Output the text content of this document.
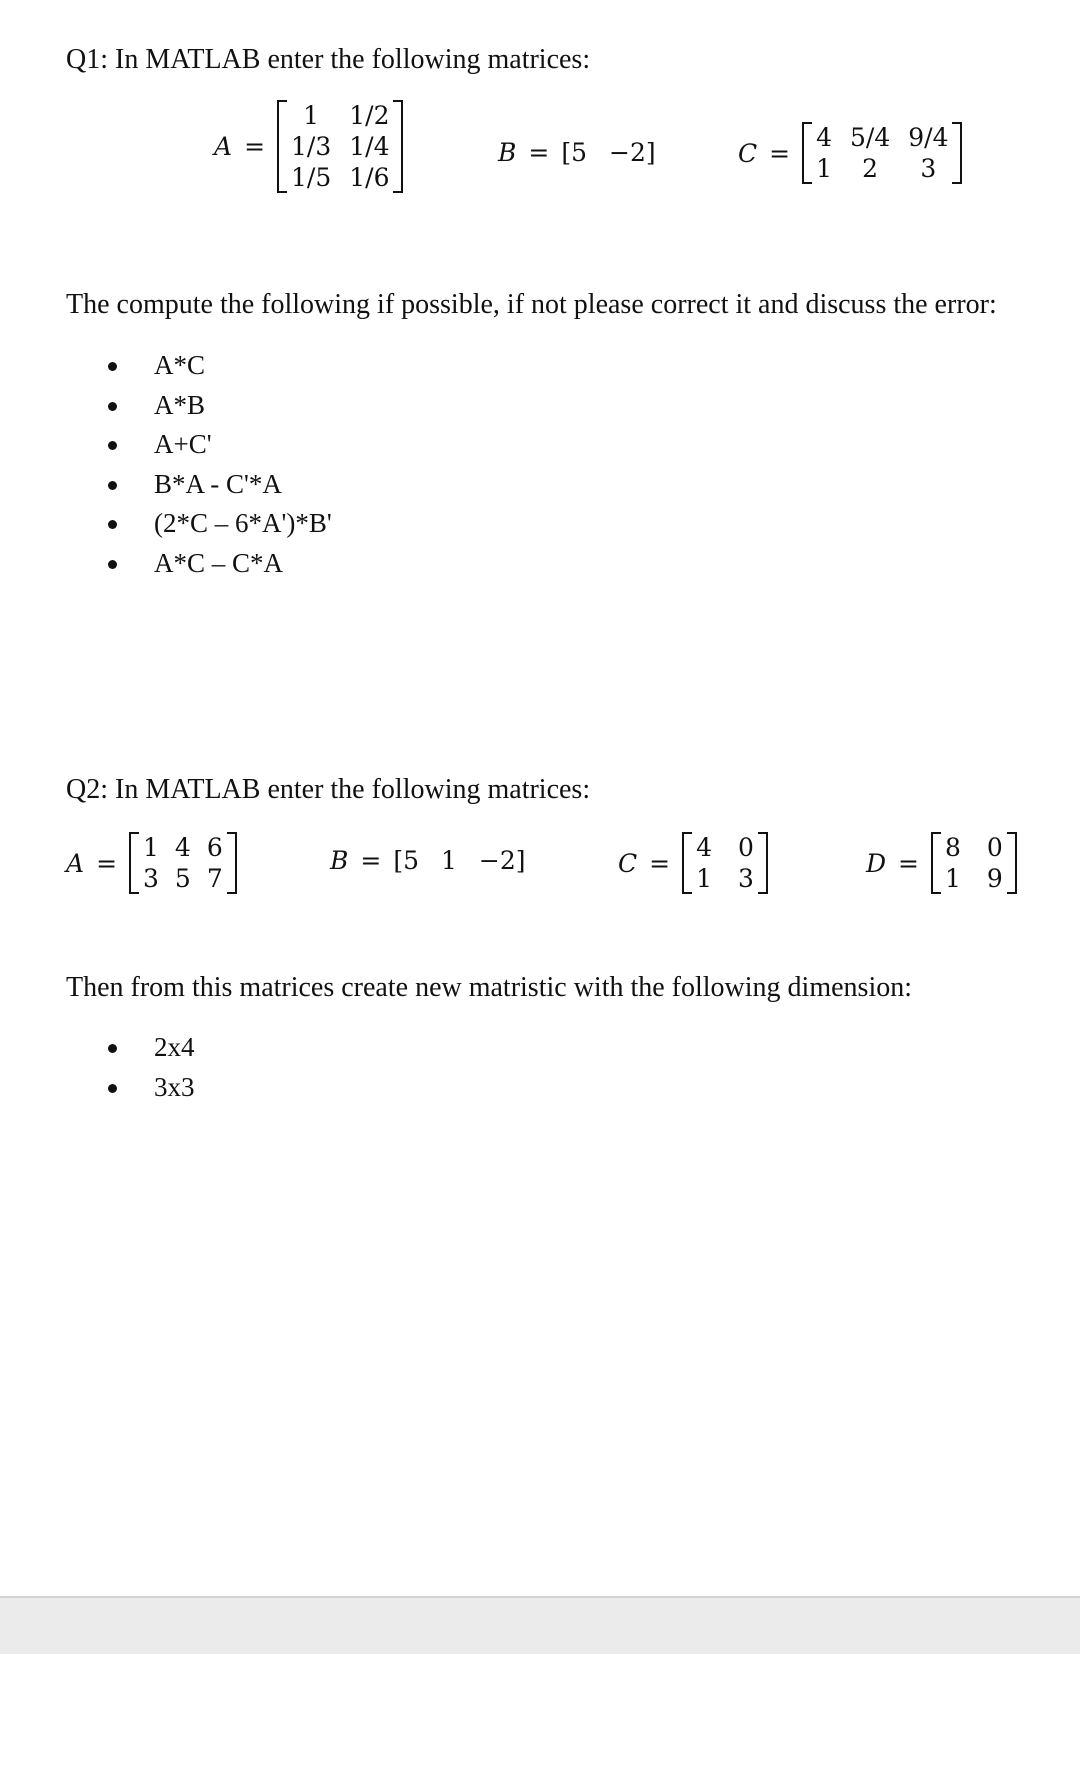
Q1: In MATLAB enter the following matrices:
A =
1	1/2
1/3 1/4
1/5 1/6
B = [ 5 −2 ]	C =
4 5/4 9/4
1	2	3
The compute the following if possible, if not please correct it and discuss the error:
A*C
A*B
A+C'
B*A - C'*A
(2*C – 6*A')*B'
A*C – C*A
Q2: In MATLAB enter the following matrices:
A =
1 4 6
3 5 7
B = [ 5 1 −2 ]	C =
4 0
1 3
D =
8 0
1 9
Then from this matrices create new matristic with the following dimension:
2x4
3x3
